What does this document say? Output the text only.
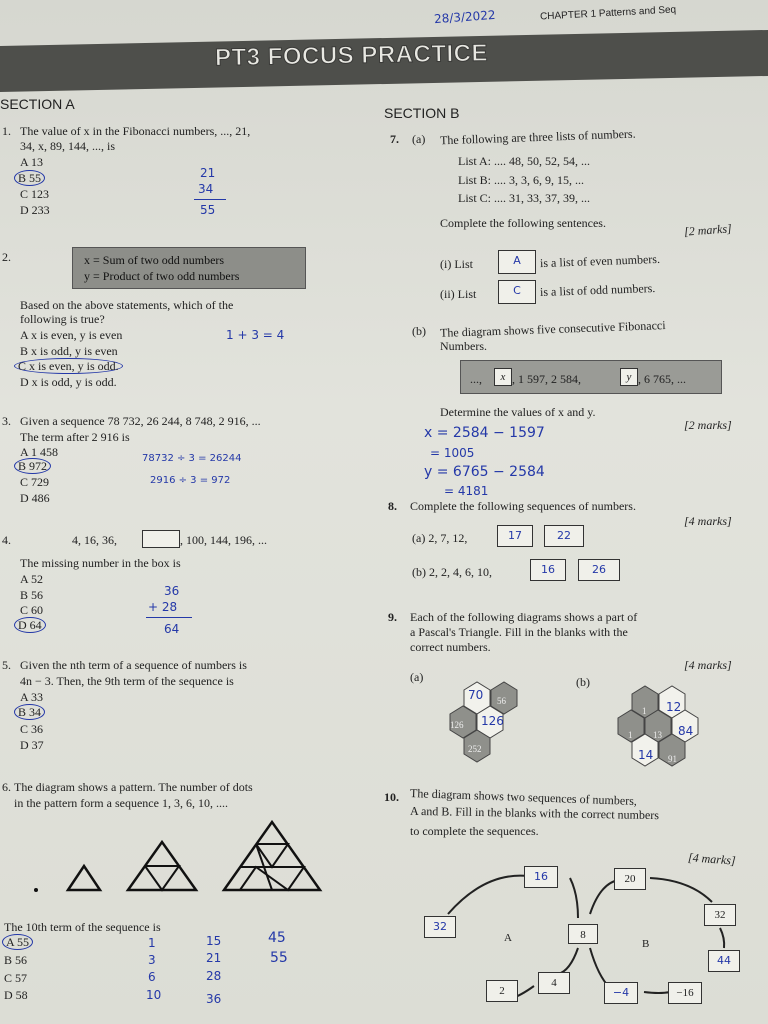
28/3/2022	CHAPTER 1 Patterns and Seq
PT3 FOCUS PRACTICE
SECTION A
1. The value of x in the Fibonacci numbers, ..., 21,
34, x, 89, 144, ..., is
A 13
B 55
C 123
D 233
21
34
55
2.	x = Sum of two odd numbers
y = Product of two odd numbers
Based on the above statements, which of the
following is true?
A x is even, y is even
B x is odd, y is even
C x is even, y is odd.
D x is odd, y is odd.
1 + 3 = 4
3. Given a sequence 78 732, 26 244, 8 748, 2 916, ...
The term after 2 916 is
A 1 458
B 972
C 729
D 486
78732 ÷ 3 = 26244
2916 ÷ 3 = 972
4.	4, 16, 36,	, 100, 144, 196, ...
The missing number in the box is
A 52
B 56
C 60
D 64
36
+ 28
64
5. Given the nth term of a sequence of numbers is
4n − 3. Then, the 9th term of the sequence is
A 33
B 34
C 36
D 37
6. The diagram shows a pattern. The number of dots
in the pattern form a sequence 1, 3, 6, 10, ....
The 10th term of the sequence is
A 55
B 56
C 57
D 58
1
3
6
10
15
21
28
36
45
55
SECTION B
7. (a) The following are three lists of numbers.
List A: .... 48, 50, 52, 54, ...
List B: .... 3, 3, 6, 9, 15, ...
List C: .... 31, 33, 37, 39, ...
Complete the following sentences.	[2 marks]
(i) List	A	is a list of even numbers.
(ii) List	C	is a list of odd numbers.
(b) The diagram shows five consecutive Fibonacci
Numbers.
...,	x , 1 597, 2 584,	y , 6 765, ...
Determine the values of x and y.
[2 marks]
x = 2584 − 1597
= 1005
y = 6765 − 2584
= 4181
8. Complete the following sequences of numbers.
[4 marks]
(a) 2, 7, 12,	17	22
(b) 2, 2, 4, 6, 10,	16	26
9. Each of the following diagrams shows a part of
a Pascal's Triangle. Fill in the blanks with the
correct numbers.
[4 marks]
(a)	(b)
70 56
126 126
252
1 12
1 13 84
14 91
10. The diagram shows two sequences of numbers,
A and B. Fill in the blanks with the correct numbers
to complete the sequences.
[4 marks]
A	B
16	20
32
32
8
44
4
2	−4	−16
